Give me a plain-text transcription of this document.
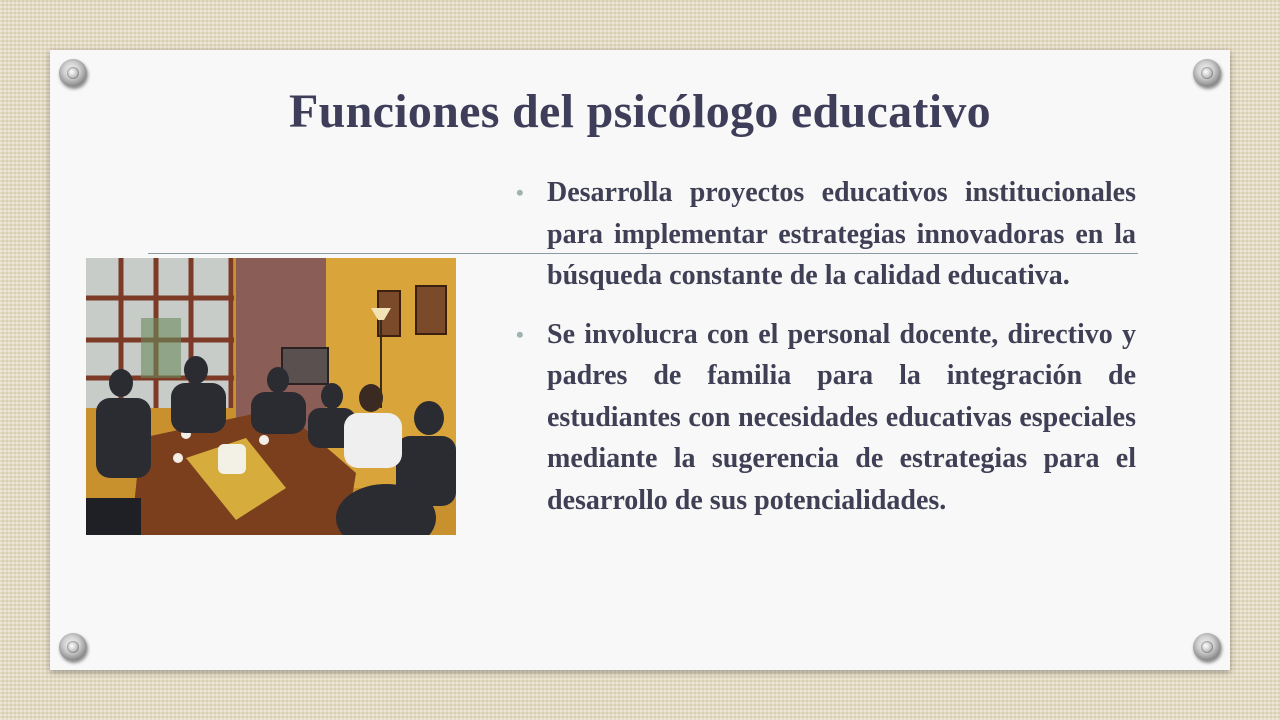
Funciones del psicólogo educativo
• Desarrolla proyectos educativos institucionales para implementar estrategias innovadoras en la búsqueda constante de la calidad educativa.
• Se involucra con el personal docente, directivo y padres de familia para la integración de estudiantes con necesidades educativas especiales mediante la sugerencia de estrategias para el desarrollo de sus potencialidades.
